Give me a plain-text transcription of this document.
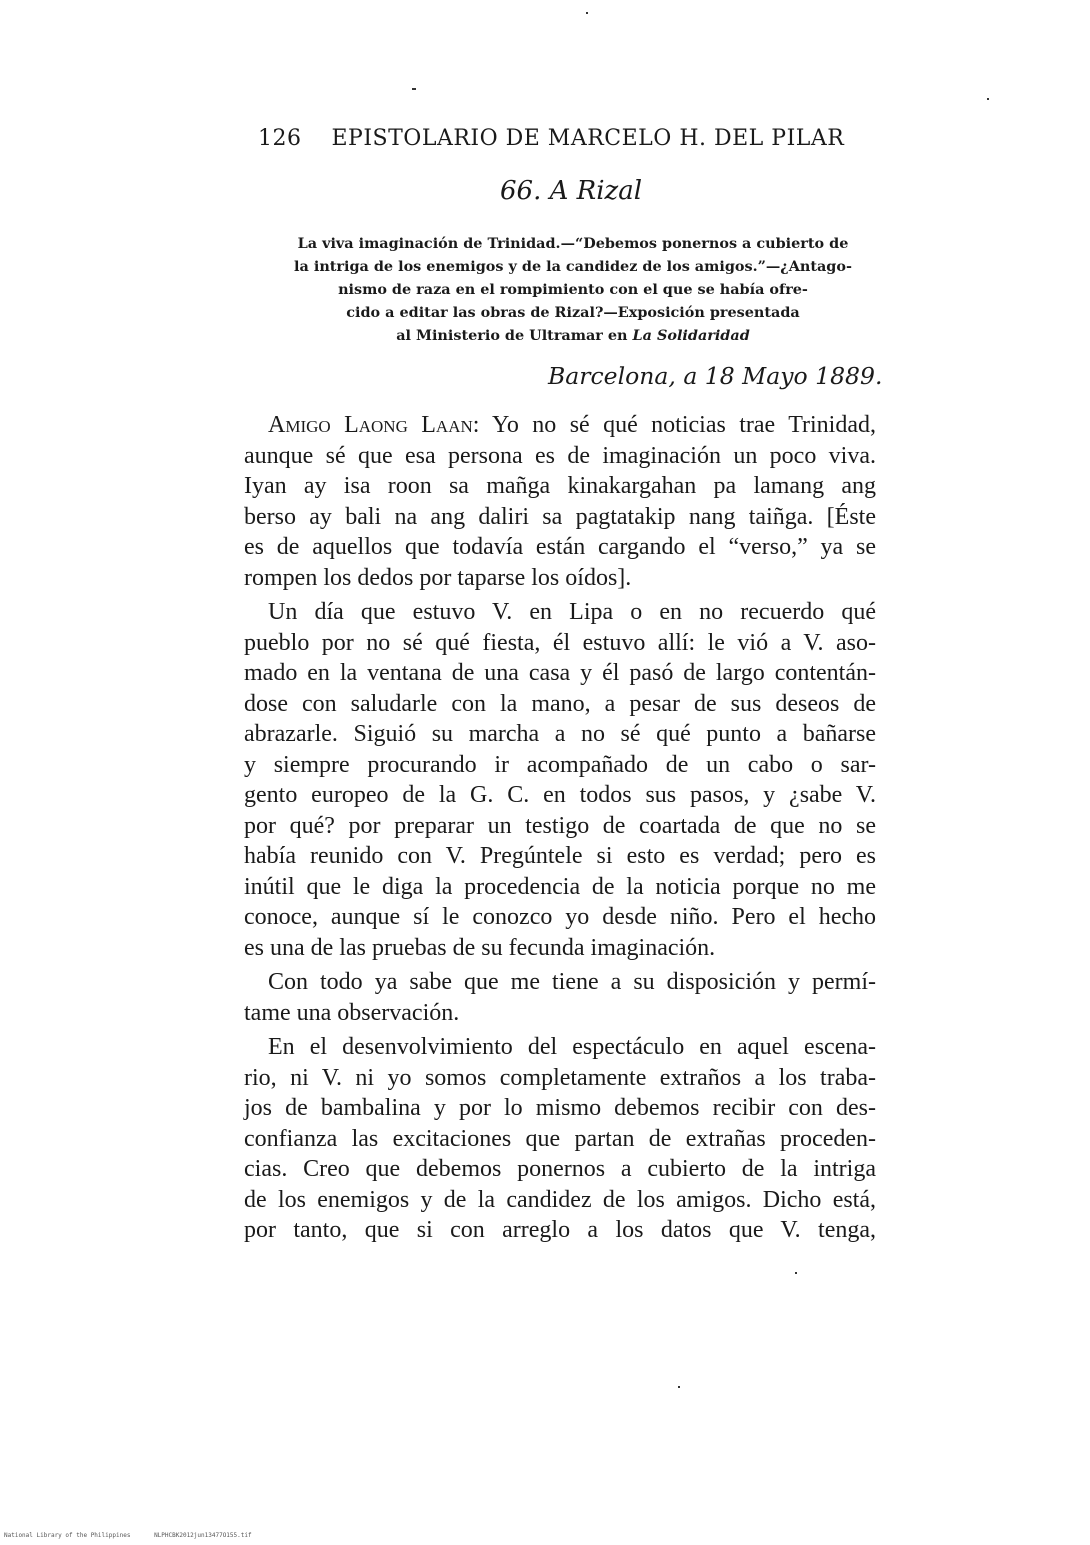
126 EPISTOLARIO DE MARCELO H. DEL PILAR
66. A Rizal
La viva imaginación de Trinidad.—“Debemos ponernos a cubierto de
la intriga de los enemigos y de la candidez de los amigos.”—¿Antago-
nismo de raza en el rompimiento con el que se había ofre-
cido a editar las obras de Rizal?—Exposición presentada
al Ministerio de Ultramar en La Solidaridad
Barcelona, a 18 Mayo 1889.
Amigo Laong Laan: Yo no sé qué noticias trae Trinidad,
aunque sé que esa persona es de imaginación un poco viva.
Iyan ay isa roon sa mañga kinakargahan pa lamang ang
berso ay bali na ang daliri sa pagtatakip nang taiñga. [Éste
es de aquellos que todavía están cargando el “verso,” ya se
rompen los dedos por taparse los oídos].
Un día que estuvo V. en Lipa o en no recuerdo qué
pueblo por no sé qué fiesta, él estuvo allí: le vió a V. aso-
mado en la ventana de una casa y él pasó de largo contentán-
dose con saludarle con la mano, a pesar de sus deseos de
abrazarle. Siguió su marcha a no sé qué punto a bañarse
y siempre procurando ir acompañado de un cabo o sar-
gento europeo de la G. C. en todos sus pasos, y ¿sabe V.
por qué? por preparar un testigo de coartada de que no se
había reunido con V. Pregúntele si esto es verdad; pero es
inútil que le diga la procedencia de la noticia porque no me
conoce, aunque sí le conozco yo desde niño. Pero el hecho
es una de las pruebas de su fecunda imaginación.
Con todo ya sabe que me tiene a su disposición y permí-
tame una observación.
En el desenvolvimiento del espectáculo en aquel escena-
rio, ni V. ni yo somos completamente extraños a los traba-
jos de bambalina y por lo mismo debemos recibir con des-
confianza las excitaciones que partan de extrañas proceden-
cias. Creo que debemos ponernos a cubierto de la intriga
de los enemigos y de la candidez de los amigos. Dicho está,
por tanto, que si con arreglo a los datos que V. tenga,
National Library of the Philippines	NLPHCBK2012jun13477O155.tif
